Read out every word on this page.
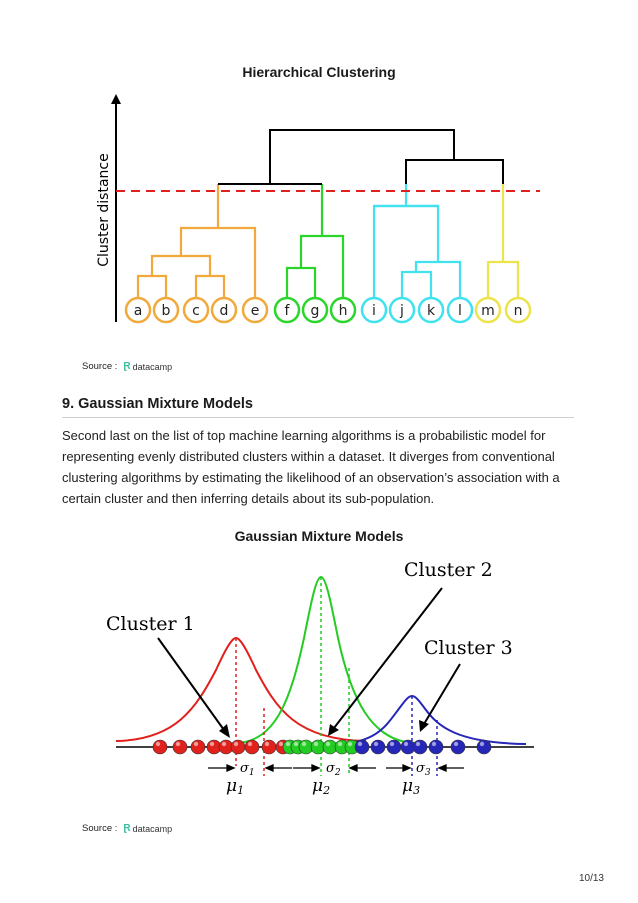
Hierarchical Clustering
Cluster distance
a b c d e f g h i j k l m n
Source : Ɽ datacamp
9. Gaussian Mixture Models
Second last on the list of top machine learning algorithms is a probabilistic model for representing evenly distributed clusters within a dataset. It diverges from conventional clustering algorithms by estimating the likelihood of an observation’s association with a certain cluster and then inferring details about its sub-population.
Gaussian Mixture Models
$\sigma_1$	$\sigma_2$	$\sigma_3$
μ1	μ2	μ3
Cluster 1
Cluster 2
Cluster 3
Source : Ɽ datacamp
10/13
